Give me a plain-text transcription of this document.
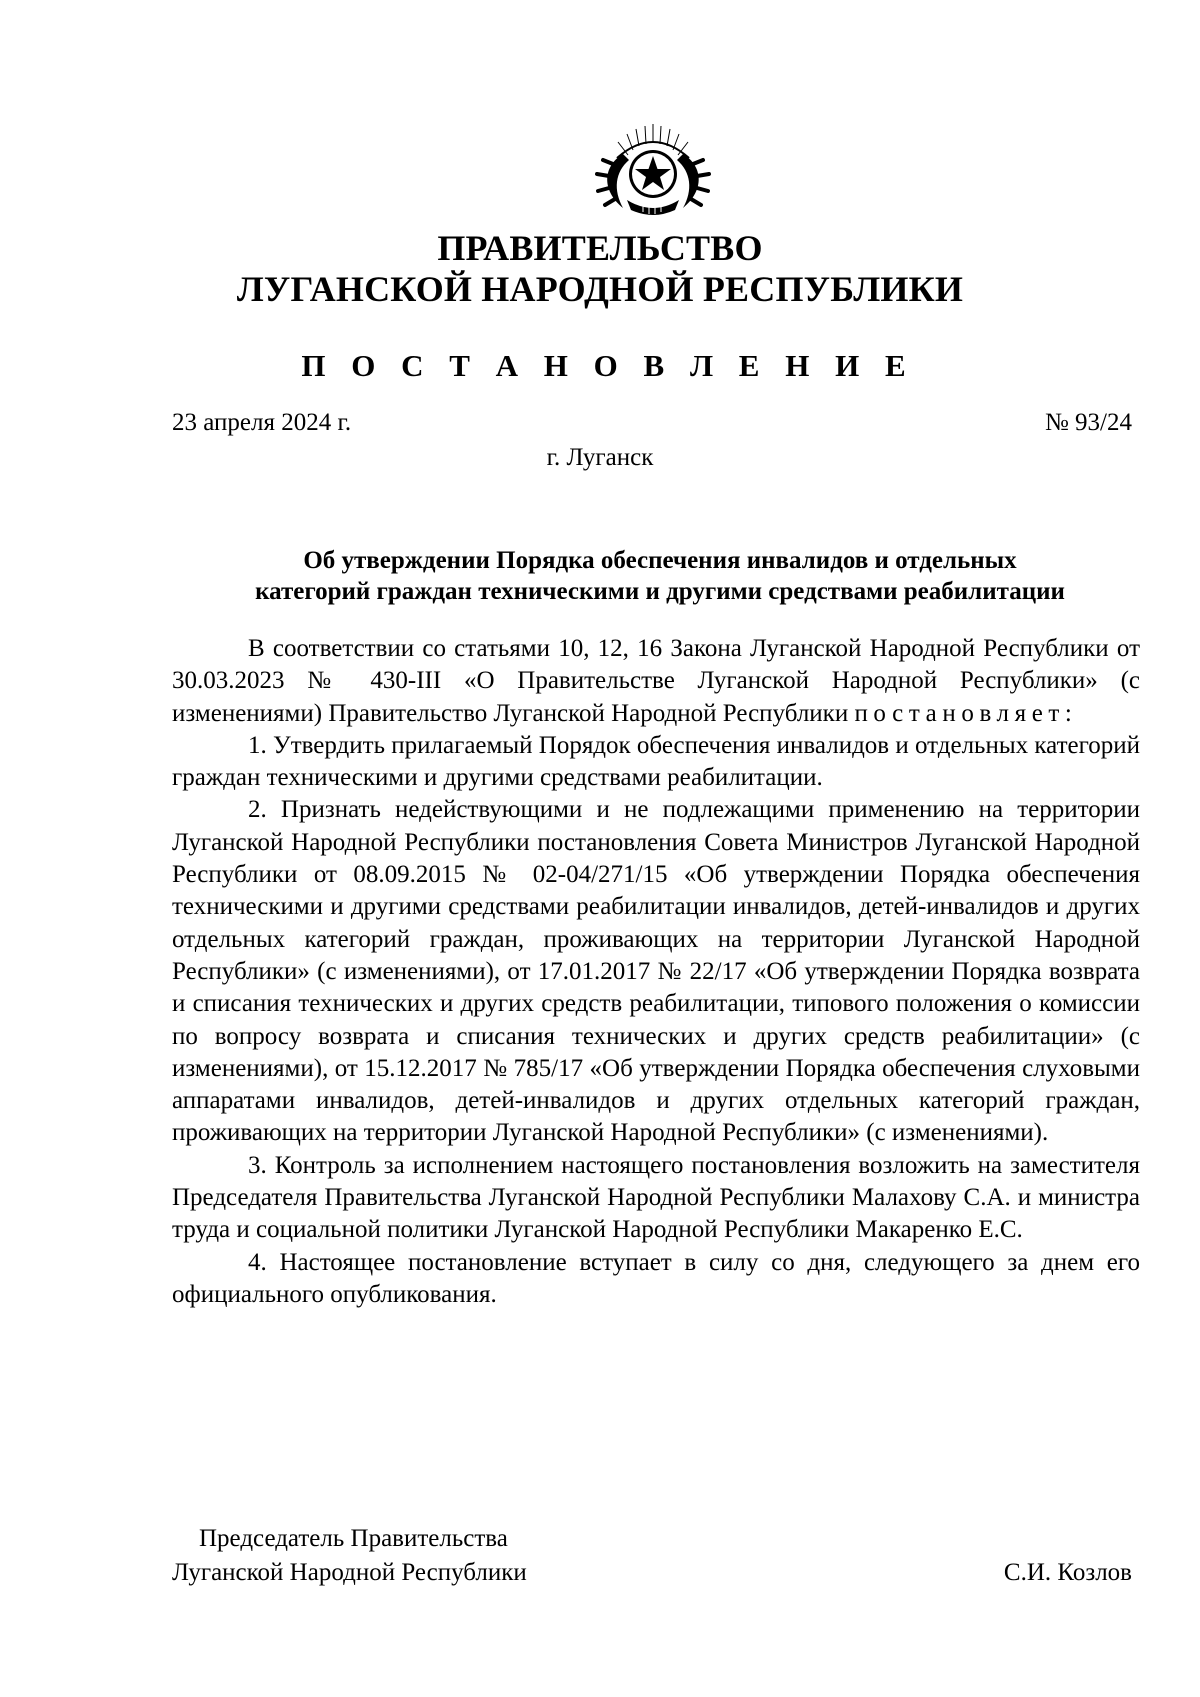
ПРАВИТЕЛЬСТВО
ЛУГАНСКОЙ НАРОДНОЙ РЕСПУБЛИКИ
П О С Т А Н О В Л Е Н И Е
23 апреля 2024 г.	№ 93/24
г. Луганск
Об утверждении Порядка обеспечения инвалидов и отдельных
категорий граждан техническими и другими средствами реабилитации

В соответствии со статьями 10, 12, 16 Закона Луганской Народной Республики от 30.03.2023 № 430-III «О Правительстве Луганской Народной Республики» (с изменениями) Правительство Луганской Народной Республики постановляет:

1. Утвердить прилагаемый Порядок обеспечения инвалидов и отдельных категорий граждан техническими и другими средствами реабилитации.

2. Признать недействующими и не подлежащими применению на территории Луганской Народной Республики постановления Совета Министров Луганской Народной Республики от 08.09.2015 № 02-04/271/15 «Об утверждении Порядка обеспечения техническими и другими средствами реабилитации инвалидов, детей-инвалидов и других отдельных категорий граждан, проживающих на территории Луганской Народной Республики» (с изменениями), от 17.01.2017 № 22/17 «Об утверждении Порядка возврата и списания технических и других средств реабилитации, типового положения о комиссии по вопросу возврата и списания технических и других средств реабилитации» (с изменениями), от 15.12.2017 № 785/17 «Об утверждении Порядка обеспечения слуховыми аппаратами инвалидов, детей-инвалидов и других отдельных категорий граждан, проживающих на территории Луганской Народной Республики» (с изменениями).

3. Контроль за исполнением настоящего постановления возложить на заместителя Председателя Правительства Луганской Народной Республики Малахову С.А. и министра труда и социальной политики Луганской Народной Республики Макаренко Е.С.

4. Настоящее постановление вступает в силу со дня, следующего за днем его официального опубликования.

Председатель Правительства
Луганской Народной Республики	С.И. Козлов
